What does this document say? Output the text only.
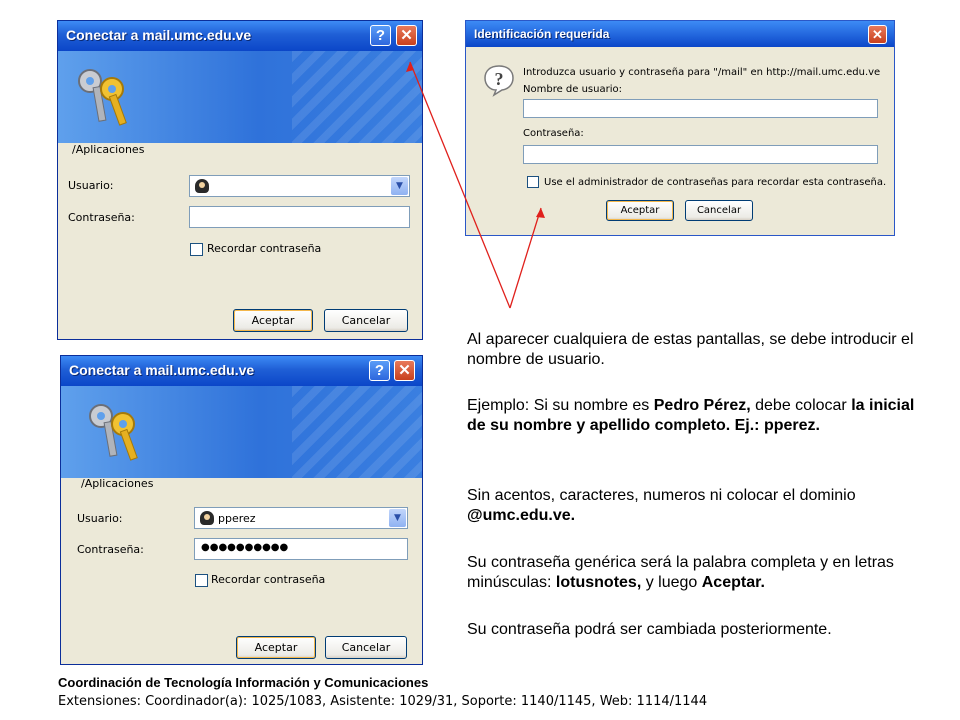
Conectar a mail.umc.edu.ve	?	✕
/Aplicaciones
Usuario:	▼
Contraseña:
Recordar contraseña
Aceptar	Cancelar
Conectar a mail.umc.edu.ve	? ✕
/Aplicaciones
Usuario:	pperez	▼
Contraseña:	●●●●●●●●●●
Recordar contraseña
Aceptar	Cancelar
Identificación requerida	✕
? Introduzca usuario y contraseña para "/mail" en http://mail.umc.edu.ve
Nombre de usuario:
Contraseña:
Use el administrador de contraseñas para recordar esta contraseña.
Aceptar	Cancelar

Al aparecer cualquiera de estas pantallas, se debe introducir el nombre de usuario.

Ejemplo: Si su nombre es Pedro Pérez, debe colocar la inicial de su nombre y apellido completo. Ej.: pperez.

Sin acentos, caracteres, numeros ni colocar el dominio @umc.edu.ve.

Su contraseña genérica será la palabra completa y en letras minúsculas: lotusnotes, y luego Aceptar.

Su contraseña podrá ser cambiada posteriormente.

Coordinación de Tecnología Información y Comunicaciones
Extensiones: Coordinador(a): 1025/1083, Asistente: 1029/31, Soporte: 1140/1145, Web: 1114/1144
